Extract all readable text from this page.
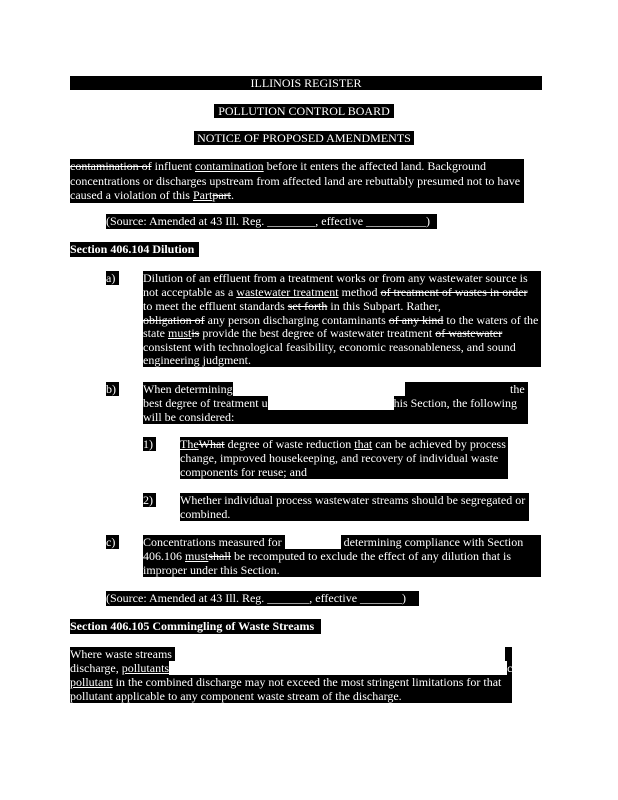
ILLINOIS REGISTER
POLLUTION CONTROL BOARD
NOTICE OF PROPOSED AMENDMENTS
contamination of influent contamination before it enters the affected land. Background
concentrations or discharges upstream from affected land are rebuttably presumed not to have
caused a violation of this Partpart.
(Source: Amended at 43 Ill. Reg. ________, effective __________)
Section 406.104 Dilution
a) Dilution of an effluent from a treatment works or from any wastewater source is
not acceptable as a wastewater treatment method of treatment of wastes in order
to meet the effluent standards set forth in this Subpart. Rather,
obligation of any person discharging contaminants of any kind to the waters of the
state mustis provide the best degree of wastewater treatment of wastewater
consistent with technological feasibility, economic reasonableness, and sound
engineering judgment.
b) When determining	the
best degree of treatment u	his Section, the following
will be considered:
1) TheWhat degree of waste reduction that can be achieved by process
change, improved housekeeping, and recovery of individual waste
components for reuse; and
2) Whether individual process wastewater streams should be segregated or
combined.
c) Concentrations measured for	determining compliance with Section
406.106 mustshall be recomputed to exclude the effect of any dilution that is
improper under this Section.
(Source: Amended at 43 Ill. Reg. _______, effective _______)
Section 406.105 Commingling of Waste Streams
Where waste streams
discharge, pollutants	ch
pollutant in the combined discharge may not exceed the most stringent limitations for that
pollutant applicable to any component waste stream of the discharge.
